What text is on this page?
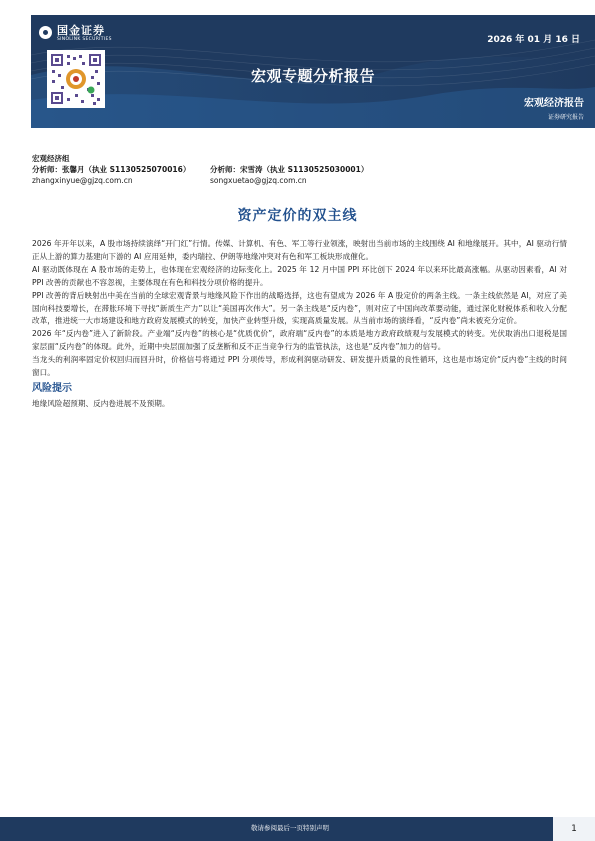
国金证券
SINOLINK SECURITIES	2026 年 01 月 16 日
宏观专题分析报告
宏观经济报告
证券研究报告
宏观经济组
分析师：张馨月（执业 S1130525070016）	分析师：宋雪涛（执业 S1130525030001）
zhangxinyue@gjzq.com.cn	songxuetao@gjzq.com.cn
资产定价的双主线

2026 年开年以来，A 股市场持续演绎“开门红”行情。传媒、计算机、有色、军工等行业领涨，映射出当前市场的主线围绕 AI 和地缘展开。其中，AI 驱动行情正从上游的算力基建向下游的 AI 应用延伸，委内瑞拉、伊朗等地缘冲突对有色和军工板块形成催化。

AI 驱动既体现在 A 股市场的走势上，也体现在宏观经济的边际变化上。2025 年 12 月中国 PPI 环比创下 2024 年以来环比最高涨幅。从驱动因素看，AI 对 PPI 改善的贡献也不容忽视，主要体现在有色和科技分项价格的提升。

PPI 改善的背后映射出中美在当前的全球宏观背景与地缘风险下作出的战略选择，这也有望成为 2026 年 A 股定价的两条主线。一条主线依然是 AI，对应了美国向科技要增长，在滞胀环境下寻找“新质生产力”以让“美国再次伟大”。另一条主线是“反内卷”，则对应了中国向改革要动能，通过深化财税体系和收入分配改革，推进统一大市场建设和地方政府发展模式的转变，加快产业转型升级，实现高质量发展。从当前市场的演绎看，“反内卷”尚未被充分定价。

2026 年“反内卷”进入了新阶段。产业端“反内卷”的核心是“优质优价”，政府端“反内卷”的本质是地方政府政绩观与发展模式的转变。光伏取消出口退税是国家层面“反内卷”的体现。此外，近期中央层面加强了反垄断和反不正当竞争行为的监管执法，这也是“反内卷”加力的信号。

当龙头的利润率固定价权回归而回升时，价格信号将通过 PPI 分项传导，形成利润驱动研发、研发提升质量的良性循环，这也是市场定价“反内卷”主线的时间窗口。

风险提示

地缘风险超预期、反内卷进展不及预期。

敬请参阅最后一页特别声明	1
